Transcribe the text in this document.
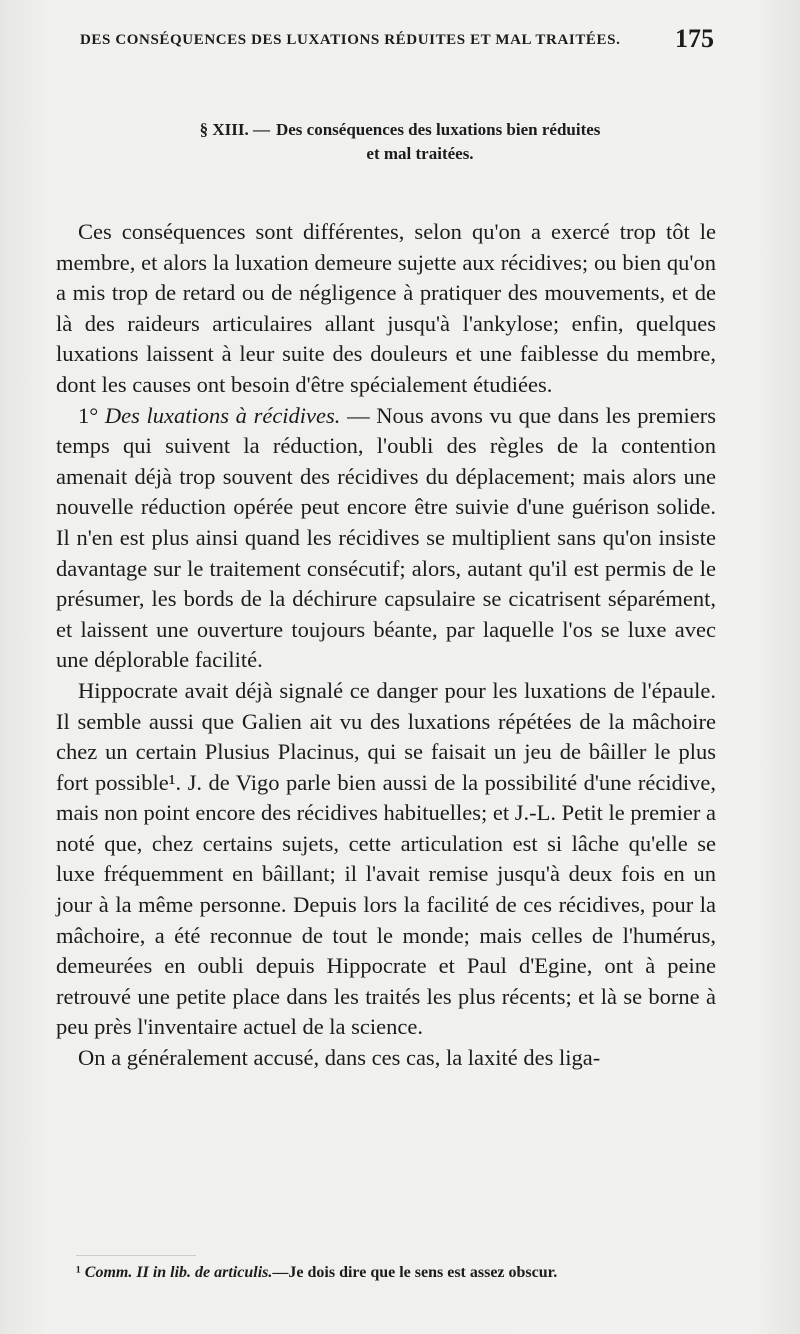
DES CONSÉQUENCES DES LUXATIONS RÉDUITES ET MAL TRAITÉES. 175
§ XIII. — Des conséquences des luxations bien réduites
et mal traitées.

Ces conséquences sont différentes, selon qu'on a exercé trop tôt le membre, et alors la luxation demeure sujette aux récidives; ou bien qu'on a mis trop de retard ou de négligence à pratiquer des mouvements, et de là des raideurs articulaires allant jusqu'à l'ankylose; enfin, quelques luxations laissent à leur suite des douleurs et une faiblesse du membre, dont les causes ont besoin d'être spécialement étudiées.

1° Des luxations à récidives. — Nous avons vu que dans les premiers temps qui suivent la réduction, l'oubli des règles de la contention amenait déjà trop souvent des récidives du déplacement; mais alors une nouvelle réduction opérée peut encore être suivie d'une guérison solide. Il n'en est plus ainsi quand les récidives se multiplient sans qu'on insiste davantage sur le traitement consécutif; alors, autant qu'il est permis de le présumer, les bords de la déchirure capsulaire se cicatrisent séparément, et laissent une ouverture toujours béante, par laquelle l'os se luxe avec une déplorable facilité.

Hippocrate avait déjà signalé ce danger pour les luxations de l'épaule. Il semble aussi que Galien ait vu des luxations répétées de la mâchoire chez un certain Plusius Placinus, qui se faisait un jeu de bâiller le plus fort possible¹. J. de Vigo parle bien aussi de la possibilité d'une récidive, mais non point encore des récidives habituelles; et J.-L. Petit le premier a noté que, chez certains sujets, cette articulation est si lâche qu'elle se luxe fréquemment en bâillant; il l'avait remise jusqu'à deux fois en un jour à la même personne. Depuis lors la facilité de ces récidives, pour la mâchoire, a été reconnue de tout le monde; mais celles de l'humérus, demeurées en oubli depuis Hippocrate et Paul d'Egine, ont à peine retrouvé une petite place dans les traités les plus récents; et là se borne à peu près l'inventaire actuel de la science.

On a généralement accusé, dans ces cas, la laxité des liga-

¹ Comm. II in lib. de articulis.—Je dois dire que le sens est assez obscur.
